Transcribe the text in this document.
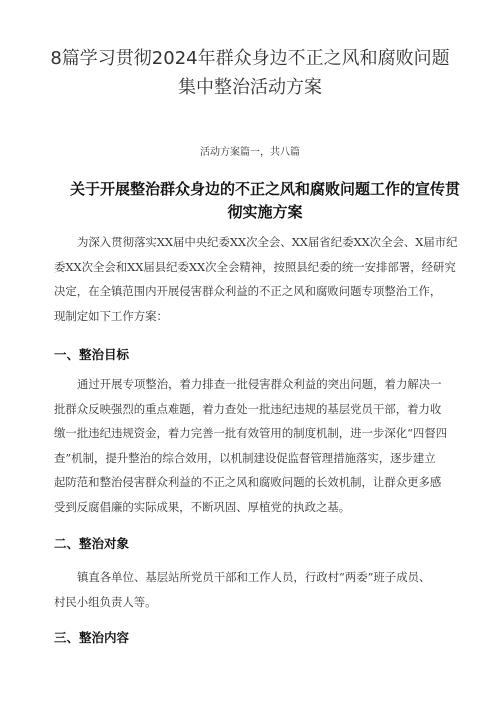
8篇学习贯彻2024年群众身边不正之风和腐败问题
集中整治活动方案
活动方案篇一，共八篇
关于开展整治群众身边的不正之风和腐败问题工作的宣传贯
彻实施方案

为深入贯彻落实XX届中央纪委XX次全会、XX届省纪委XX次全会、X届市纪
委XX次全会和XX届县纪委XX次全会精神，按照县纪委的统一安排部署，经研究
决定，在全镇范围内开展侵害群众利益的不正之风和腐败问题专项整治工作，
现制定如下工作方案：

一、整治目标

通过开展专项整治，着力排查一批侵害群众利益的突出问题，着力解决一
批群众反映强烈的重点难题，着力查处一批违纪违规的基层党员干部，着力收
缴一批违纪违规资金，着力完善一批有效管用的制度机制，进一步深化“四督四
查”机制，提升整治的综合效用，以机制建设促监督管理措施落实，逐步建立
起防范和整治侵害群众利益的不正之风和腐败问题的长效机制，让群众更多感
受到反腐倡廉的实际成果，不断巩固、厚植党的执政之基。

二、整治对象

镇直各单位、基层站所党员干部和工作人员，行政村“两委”班子成员、
村民小组负责人等。

三、整治内容
